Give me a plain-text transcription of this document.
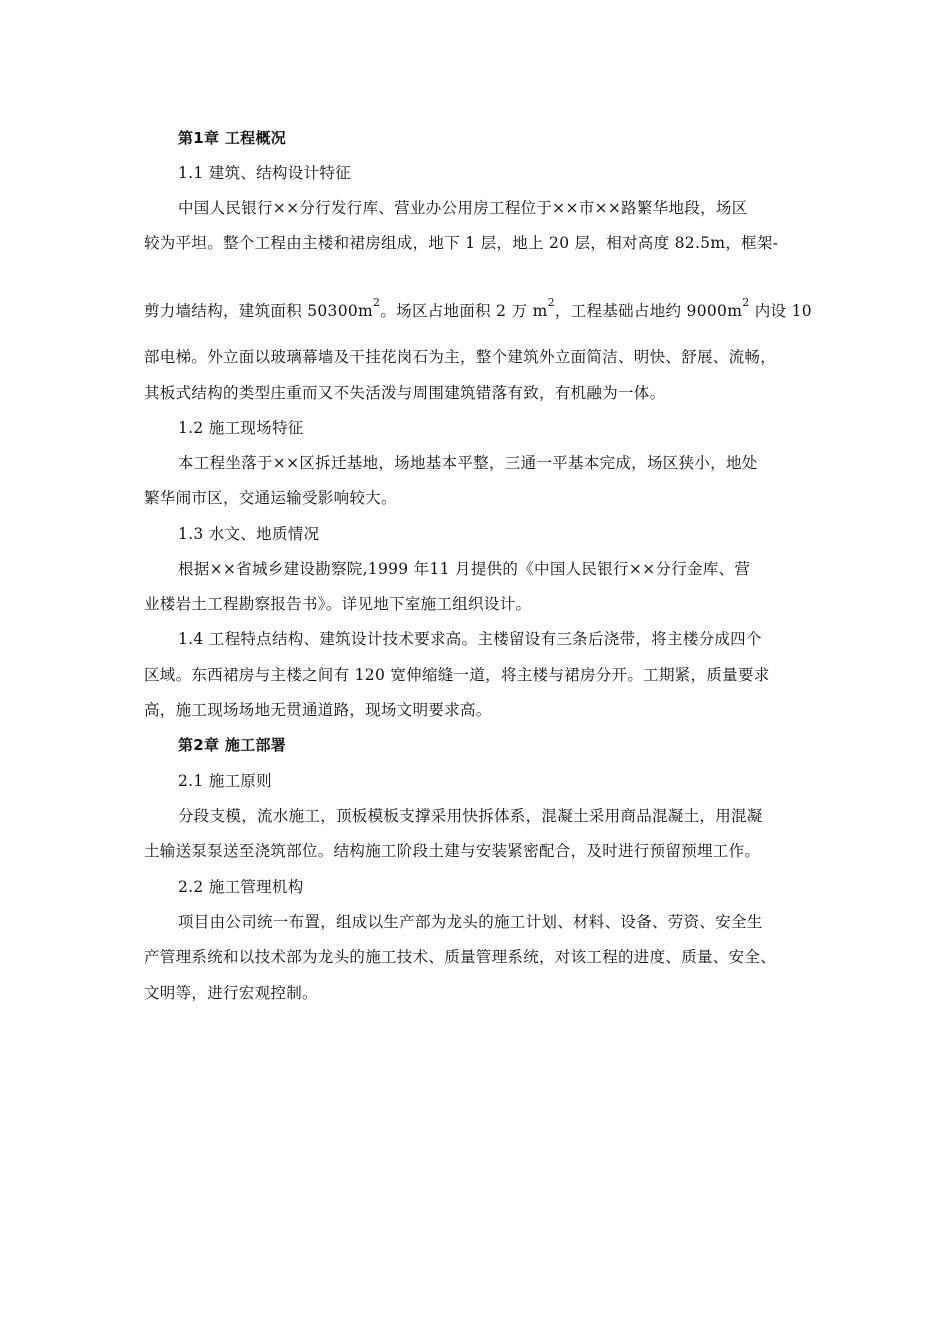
第1章 工程概况
1.1 建筑、结构设计特征
中国人民银行××分行发行库、营业办公用房工程位于××市××路繁华地段，场区
较为平坦。整个工程由主楼和裙房组成，地下 1 层，地上 20 层，相对高度 82.5m，框架-
剪力墙结构，建筑面积 $50300m^2$。场区占地面积 2 万 $m^2$，工程基础占地约 $9000m^2$ 内设 10
部电梯。外立面以玻璃幕墙及干挂花岗石为主，整个建筑外立面简洁、明快、舒展、流畅，
其板式结构的类型庄重而又不失活泼与周围建筑错落有致，有机融为一体。
1.2 施工现场特征
本工程坐落于××区拆迁基地，场地基本平整，三通一平基本完成，场区狭小，地处
繁华闹市区，交通运输受影响较大。
1.3 水文、地质情况
根据××省城乡建设勘察院,1999 年11 月提供的《中国人民银行××分行金库、营
业楼岩土工程勘察报告书》。详见地下室施工组织设计。
1.4 工程特点结构、建筑设计技术要求高。主楼留设有三条后浇带，将主楼分成四个
区域。东西裙房与主楼之间有 120 宽伸缩缝一道，将主楼与裙房分开。工期紧，质量要求
高，施工现场场地无贯通道路，现场文明要求高。
第2章 施工部署
2.1 施工原则
分段支模，流水施工，顶板模板支撑采用快拆体系，混凝土采用商品混凝土，用混凝
土输送泵泵送至浇筑部位。结构施工阶段土建与安装紧密配合，及时进行预留预埋工作。
2.2 施工管理机构
项目由公司统一布置，组成以生产部为龙头的施工计划、材料、设备、劳资、安全生
产管理系统和以技术部为龙头的施工技术、质量管理系统，对该工程的进度、质量、安全、
文明等，进行宏观控制。
